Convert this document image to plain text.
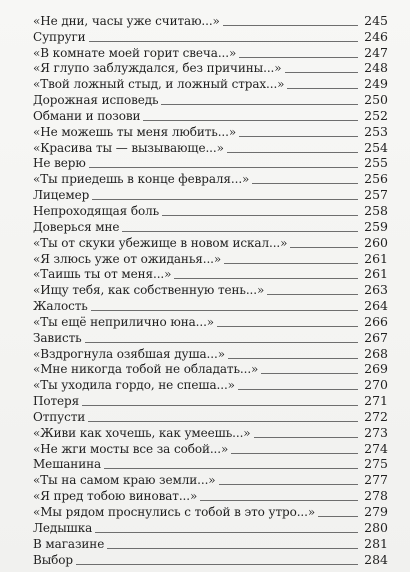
«Не дни, часы уже считаю...»	245
Супруги	246
«В комнате моей горит свеча...»	247
«Я глупо заблуждался, без причины...»	248
«Твой ложный стыд, и ложный страх...»	249
Дорожная исповедь	250
Обмани и позови	252
«Не можешь ты меня любить...»	253
«Красива ты — вызывающе...»	254
Не верю	255
«Ты приедешь в конце февраля...»	256
Лицемер	257
Непроходящая боль	258
Доверься мне	259
«Ты от скуки убежище в новом искал...»	260
«Я злюсь уже от ожиданья...»	261
«Таишь ты от меня...»	261
«Ищу тебя, как собственную тень...»	263
Жалость	264
«Ты ещё неприлично юна...»	266
Зависть	267
«Вздрогнула озябшая душа...»	268
«Мне никогда тобой не обладать...»	269
«Ты уходила гордо, не спеша...»	270
Потеря	271
Отпусти	272
«Живи как хочешь, как умеешь...»	273
«Не жги мосты все за собой...»	274
Мешанина	275
«Ты на самом краю земли...»	277
«Я пред тобою виноват...»	278
«Мы рядом проснулись с тобой в это утро...»	279
Ледышка	280
В магазине	281
Выбор	284
